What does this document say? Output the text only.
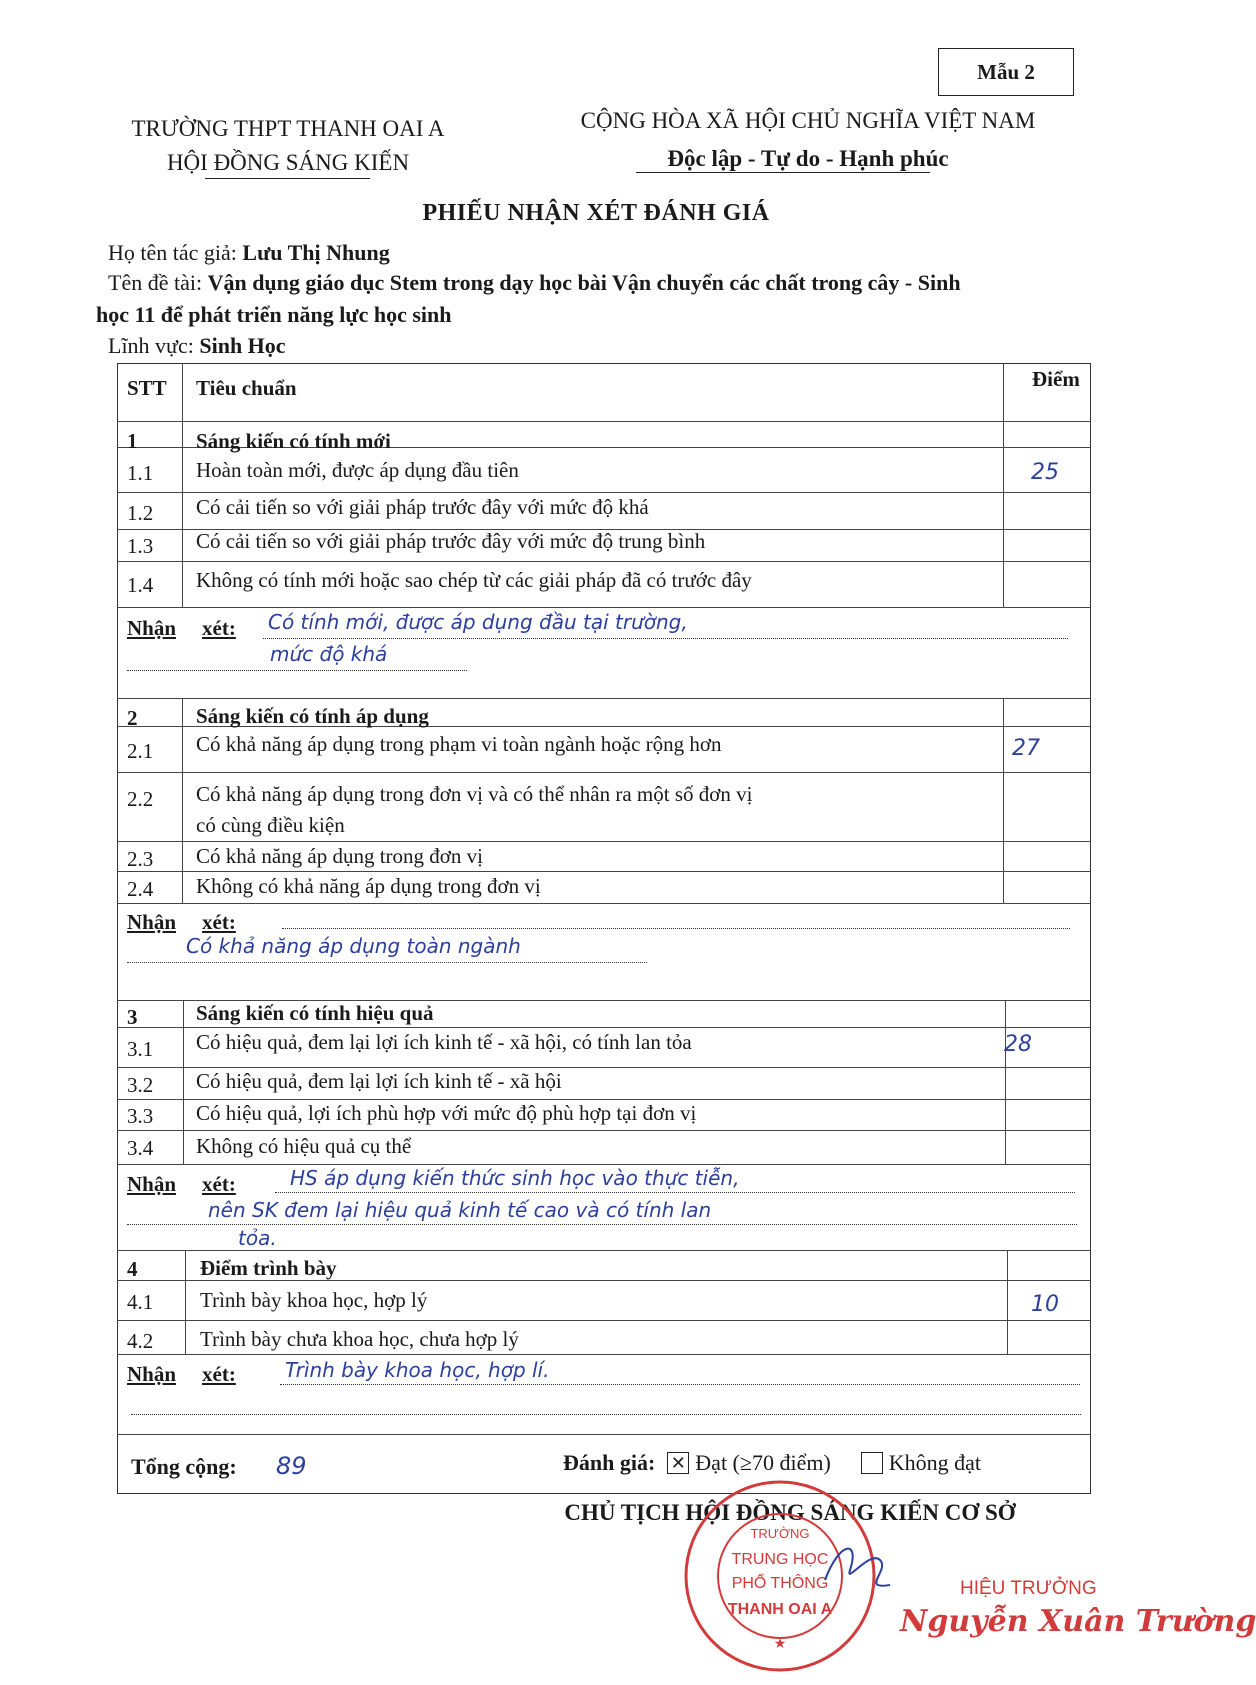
Mẫu 2
TRƯỜNG THPT THANH OAI A
HỘI ĐỒNG SÁNG KIẾN
CỘNG HÒA XÃ HỘI CHỦ NGHĨA VIỆT NAM
Độc lập - Tự do - Hạnh phúc
PHIẾU NHẬN XÉT ĐÁNH GIÁ
Họ tên tác giả: Lưu Thị Nhung
Tên đề tài: Vận dụng giáo dục Stem trong dạy học bài Vận chuyển các chất trong cây - Sinh
học 11 để phát triển năng lực học sinh
Lĩnh vực: Sinh Học
STT Tiêu chuẩn	Điểm
1	Sáng kiến có tính mới
1.1 Hoàn toàn mới, được áp dụng đầu tiên	25
1.2 Có cải tiến so với giải pháp trước đây với mức độ khá
1.3 Có cải tiến so với giải pháp trước đây với mức độ trung bình
1.4 Không có tính mới hoặc sao chép từ các giải pháp đã có trước đây
Nhận xét: Có tính mới, được áp dụng đầu tại trường,
mức độ khá
2	Sáng kiến có tính áp dụng
2.1 Có khả năng áp dụng trong phạm vi toàn ngành hoặc rộng hơn	27
2.2 Có khả năng áp dụng trong đơn vị và có thể nhân ra một số đơn vị
có cùng điều kiện
2.3 Có khả năng áp dụng trong đơn vị
2.4 Không có khả năng áp dụng trong đơn vị
Nhận xét:
Có khả năng áp dụng toàn ngành
3	Sáng kiến có tính hiệu quả
3.1 Có hiệu quả, đem lại lợi ích kinh tế - xã hội, có tính lan tỏa	28
3.2 Có hiệu quả, đem lại lợi ích kinh tế - xã hội
3.3 Có hiệu quả, lợi ích phù hợp với mức độ phù hợp tại đơn vị
3.4 Không có hiệu quả cụ thể
Nhận xét:	HS áp dụng kiến thức sinh học vào thực tiễn,
nên SK đem lại hiệu quả kinh tế cao và có tính lan
tỏa.
4	Điểm trình bày
4.1 Trình bày khoa học, hợp lý	10
4.2 Trình bày chưa khoa học, chưa hợp lý
Nhận xét: Trình bày khoa học, hợp lí.
Tổng cộng: 89	Đánh giá: ✕ Đạt (≥70 điểm)	Không đạt
CHỦ TỊCH HỘI ĐỒNG SÁNG KIẾN CƠ SỞ
TRƯỜNG
TRUNG HỌC
PHỔ THÔNG
THANH OAI A
★
HIỆU TRƯỞNG
Nguyễn Xuân Trường
